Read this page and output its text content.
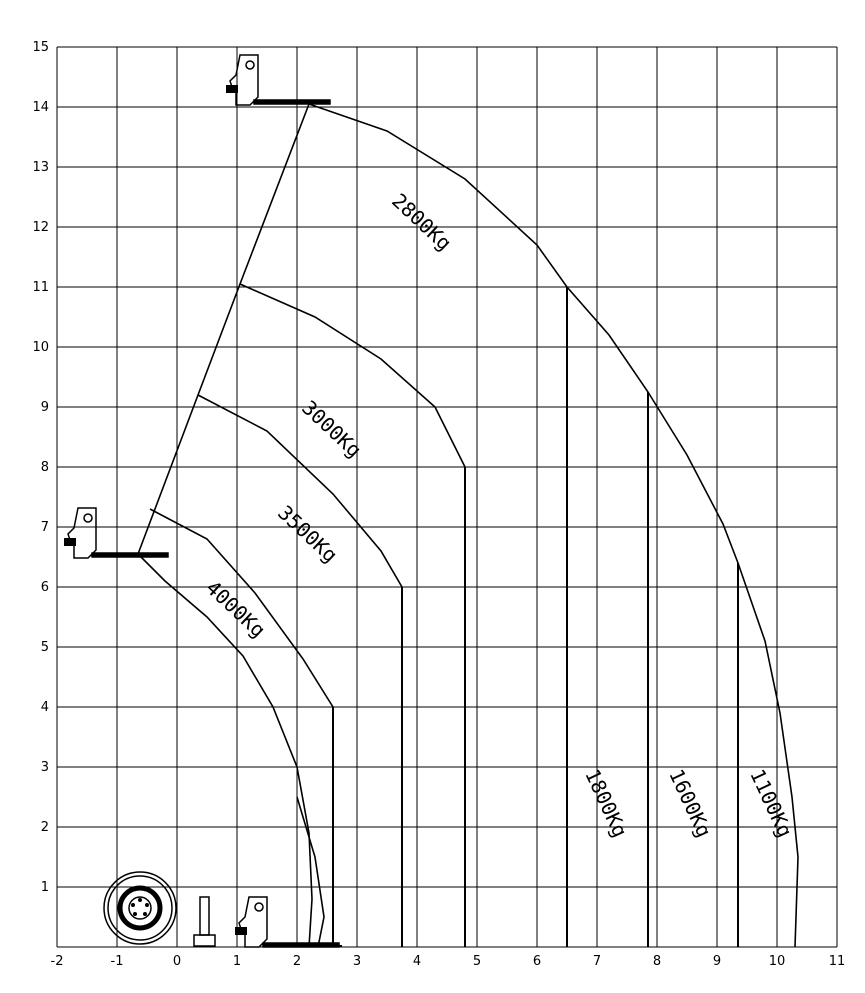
-2	-1	0	1	2	3	4	5	6	7	8	9	10	11
1
2
3
4
5
6
7
8
9
10
11
12
13
14
15
4000Kg
3500Kg
3000Kg
2800Kg
1800Kg 1600Kg 1100Kg
